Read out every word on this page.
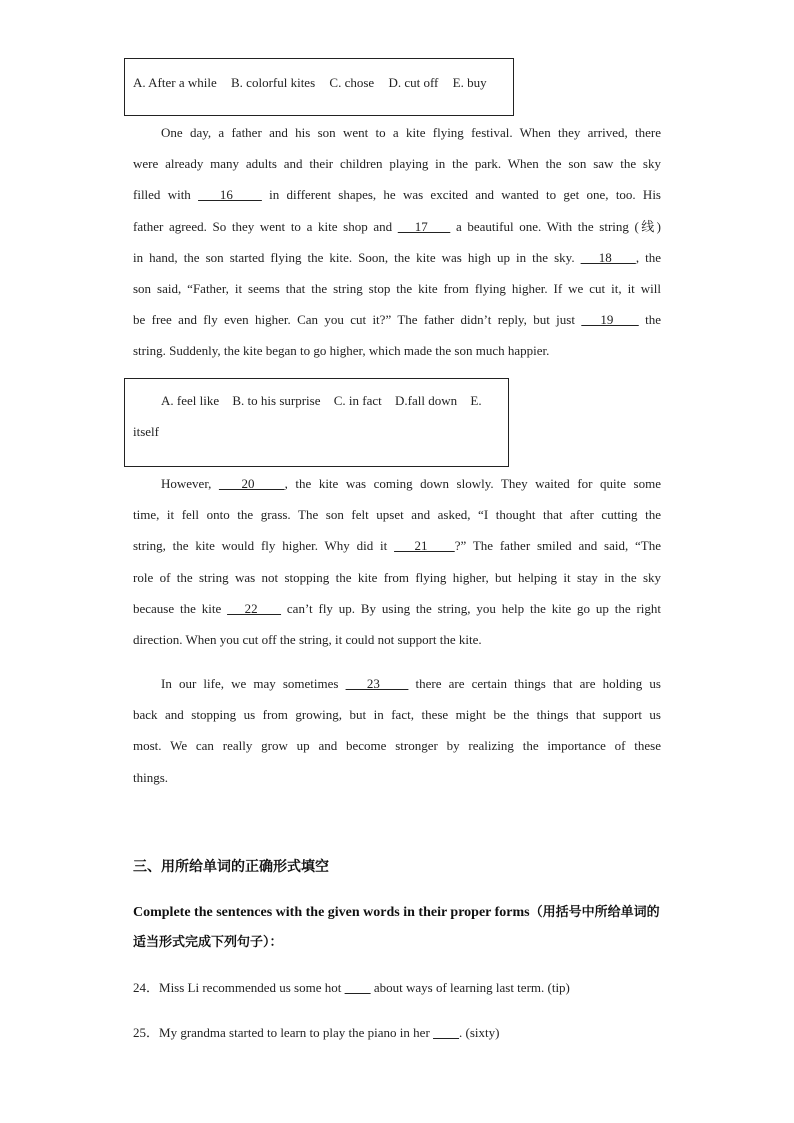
A. After a while B. colorful kites C. chose D. cut off E. buy
One day, a father and his son went to a kite flying festival. When they arrived, there
were already many adults and their children playing in the park. When the son saw the sky
filled with    16     in different shapes, he was excited and wanted to get one, too. His
father agreed. So they went to a kite shop and    17     a beautiful one. With the string (线)
in hand, the son started flying the kite. Soon, the kite was high up in the sky.    18    , the
son said, “Father, it seems that the string stop the kite from flying higher. If we cut it, it will
be free and fly even higher. Can you cut it?” The father didn’t reply, but just    19     the
string. Suddenly, the kite began to go higher, which made the son much happier.
A. feel like B. to his surprise C. in fact D.fall down E.
itself
However,    20    , the kite was coming down slowly. They waited for quite some
time, it fell onto the grass. The son felt upset and asked, “I thought that after cutting the
string, the kite would fly higher. Why did it    21    ?” The father smiled and said, “The
role of the string was not stopping the kite from flying higher, but helping it stay in the sky
because the kite    22     can’t fly up. By using the string, you help the kite go up the right
direction. When you cut off the string, it could not support the kite.
In our life, we may sometimes    23     there are certain things that are holding us
back and stopping us from growing, but in fact, these might be the things that support us
most. We can really grow up and become stronger by realizing the importance of these
things.
三、用所给单词的正确形式填空
Complete the sentences with the given words in their proper forms（用括号中所给单词的适当形式完成下列句子）：
24．Miss Li recommended us some hot          about ways of learning last term. (tip)
25．My grandma started to learn to play the piano in her         . (sixty)
